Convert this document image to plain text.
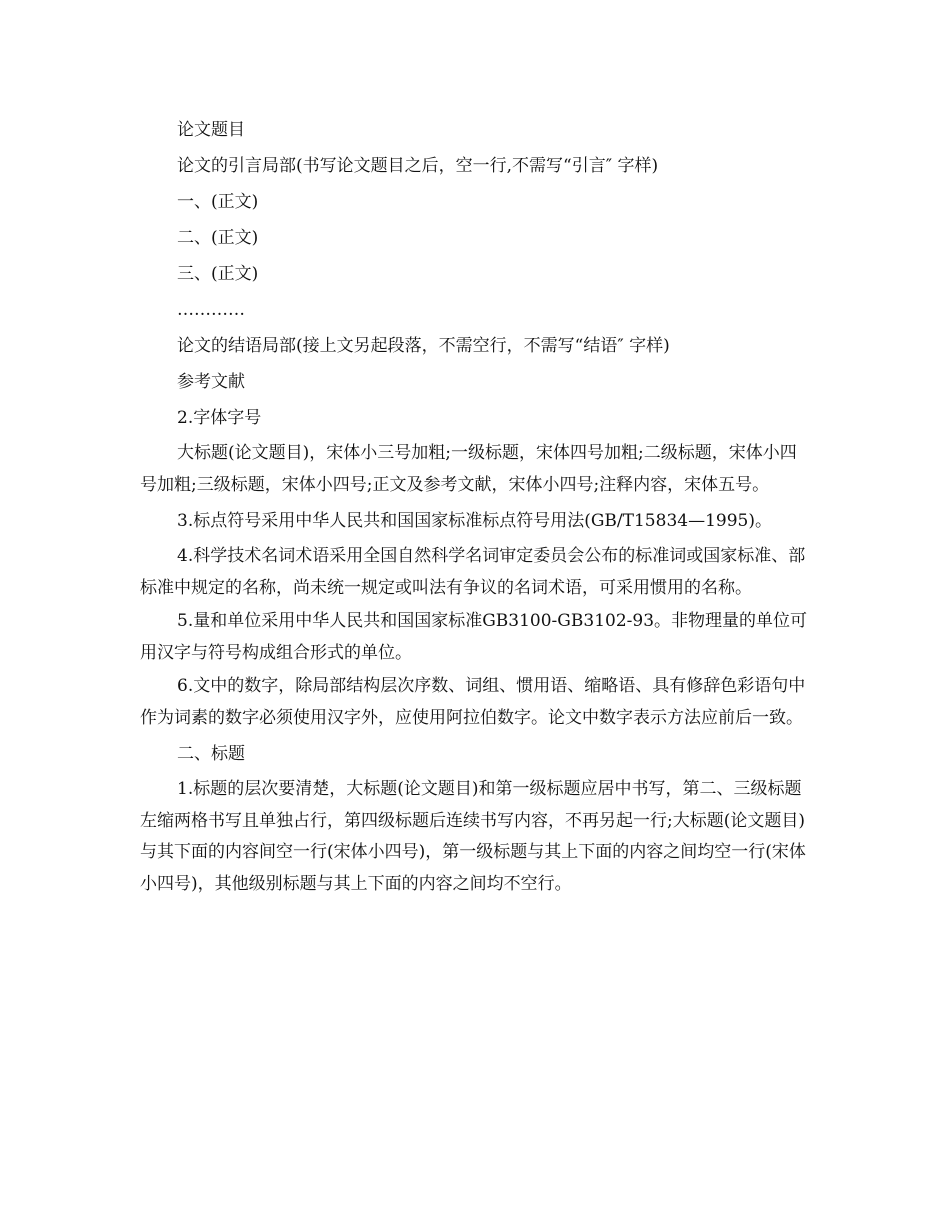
论文题目

论文的引言局部(书写论文题目之后，空一行,不需写“引言″ 字样)

一、(正文)

二、(正文)

三、(正文)

…………

论文的结语局部(接上文另起段落，不需空行，不需写“结语″ 字样)

参考文献

2.字体字号

大标题(论文题目)，宋体小三号加粗;一级标题，宋体四号加粗;二级标题，宋体小四号加粗;三级标题，宋体小四号;正文及参考文献，宋体小四号;注释内容，宋体五号。

3.标点符号采用中华人民共和国国家标准标点符号用法(GB/T15834—1995)。

4.科学技术名词术语采用全国自然科学名词审定委员会公布的标准词或国家标准、部标准中规定的名称，尚未统一规定或叫法有争议的名词术语，可采用惯用的名称。

5.量和单位采用中华人民共和国国家标准GB3100-GB3102-93。非物理量的单位可用汉字与符号构成组合形式的单位。

6.文中的数字，除局部结构层次序数、词组、惯用语、缩略语、具有修辞色彩语句中作为词素的数字必须使用汉字外，应使用阿拉伯数字。论文中数字表示方法应前后一致。

二、标题

1.标题的层次要清楚，大标题(论文题目)和第一级标题应居中书写，第二、三级标题左缩两格书写且单独占行，第四级标题后连续书写内容，不再另起一行;大标题(论文题目)与其下面的内容间空一行(宋体小四号)，第一级标题与其上下面的内容之间均空一行(宋体小四号)，其他级别标题与其上下面的内容之间均不空行。
